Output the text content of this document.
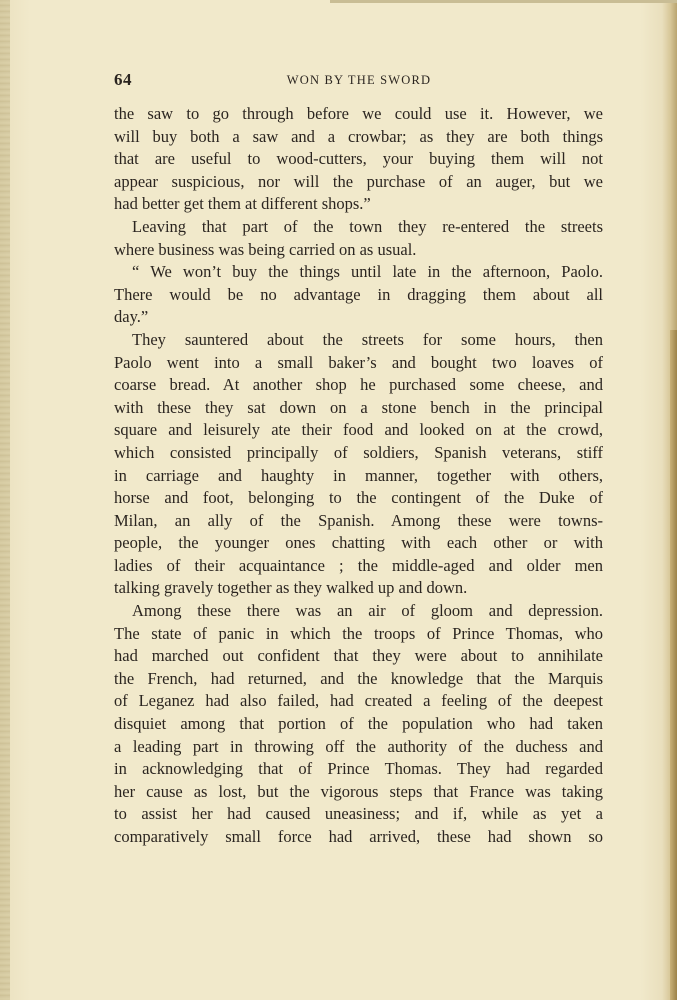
64	WON BY THE SWORD
the saw to go through before we could use it. However, we
will buy both a saw and a crowbar; as they are both things
that are useful to wood-cutters, your buying them will not
appear suspicious, nor will the purchase of an auger, but we
had better get them at different shops.”
Leaving that part of the town they re-entered the streets
where business was being carried on as usual.
“ We won’t buy the things until late in the afternoon, Paolo.
There would be no advantage in dragging them about all
day.”
They sauntered about the streets for some hours, then
Paolo went into a small baker’s and bought two loaves of
coarse bread. At another shop he purchased some cheese, and
with these they sat down on a stone bench in the principal
square and leisurely ate their food and looked on at the crowd,
which consisted principally of soldiers, Spanish veterans, stiff
in carriage and haughty in manner, together with others,
horse and foot, belonging to the contingent of the Duke of
Milan, an ally of the Spanish. Among these were towns-
people, the younger ones chatting with each other or with
ladies of their acquaintance ; the middle-aged and older men
talking gravely together as they walked up and down.
Among these there was an air of gloom and depression.
The state of panic in which the troops of Prince Thomas, who
had marched out confident that they were about to annihilate
the French, had returned, and the knowledge that the Marquis
of Leganez had also failed, had created a feeling of the deepest
disquiet among that portion of the population who had taken
a leading part in throwing off the authority of the duchess and
in acknowledging that of Prince Thomas. They had regarded
her cause as lost, but the vigorous steps that France was taking
to assist her had caused uneasiness; and if, while as yet a
comparatively small force had arrived, these had shown so
